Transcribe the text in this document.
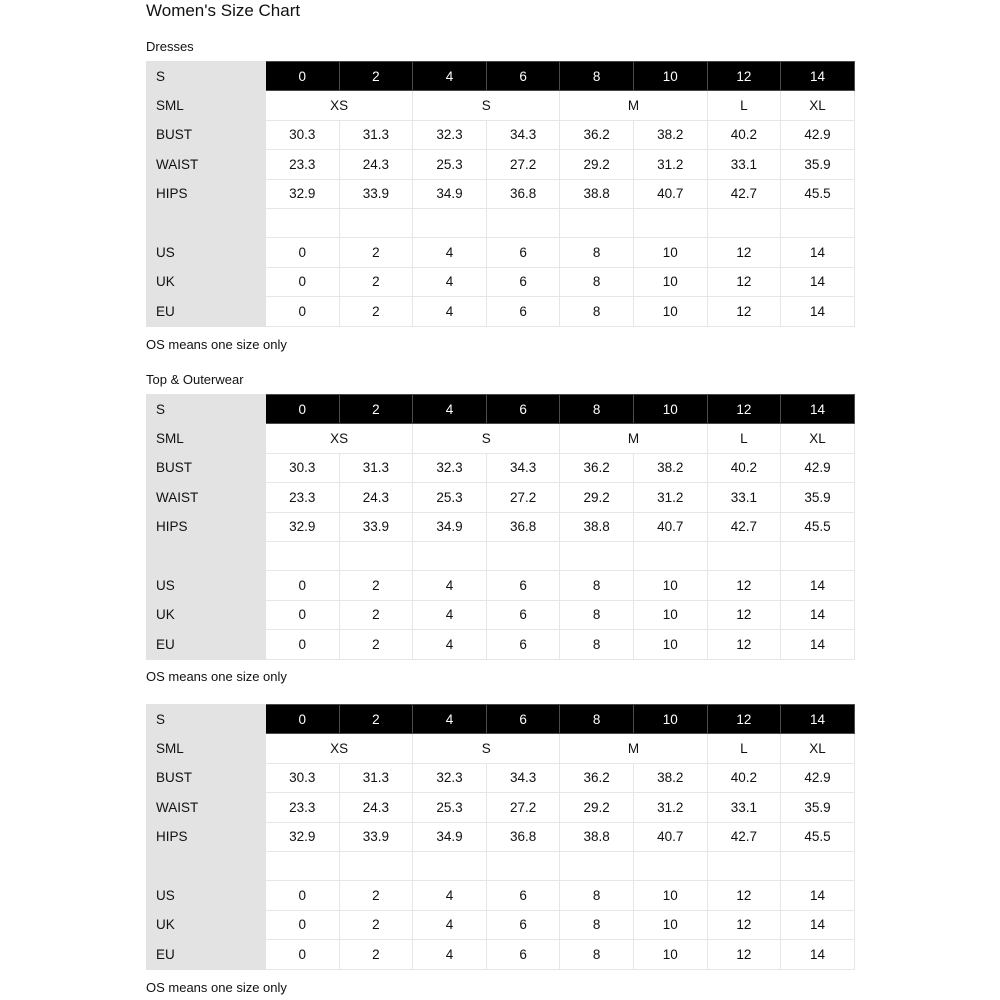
Women's Size Chart
Dresses
S	0	2	4	6	8	10	12	14
SML	XS		S		M		L	XL
BUST	30.3	31.3	32.3	34.3	36.2	38.2	40.2	42.9
WAIST	23.3	24.3	25.3	27.2	29.2	31.2	33.1	35.9
HIPS	32.9	33.9	34.9	36.8	38.8	40.7	42.7	45.5

US	0	2	4	6	8	10	12	14
UK	0	2	4	6	8	10	12	14
EU	0	2	4	6	8	10	12	14
OS means one size only
Top & Outerwear
S	0	2	4	6	8	10	12	14
SML	XS		S		M		L	XL
BUST	30.3	31.3	32.3	34.3	36.2	38.2	40.2	42.9
WAIST	23.3	24.3	25.3	27.2	29.2	31.2	33.1	35.9
HIPS	32.9	33.9	34.9	36.8	38.8	40.7	42.7	45.5

US	0	2	4	6	8	10	12	14
UK	0	2	4	6	8	10	12	14
EU	0	2	4	6	8	10	12	14
OS means one size only
S	0	2	4	6	8	10	12	14
SML	XS		S		M		L	XL
BUST	30.3	31.3	32.3	34.3	36.2	38.2	40.2	42.9
WAIST	23.3	24.3	25.3	27.2	29.2	31.2	33.1	35.9
HIPS	32.9	33.9	34.9	36.8	38.8	40.7	42.7	45.5

US	0	2	4	6	8	10	12	14
UK	0	2	4	6	8	10	12	14
EU	0	2	4	6	8	10	12	14
OS means one size only
